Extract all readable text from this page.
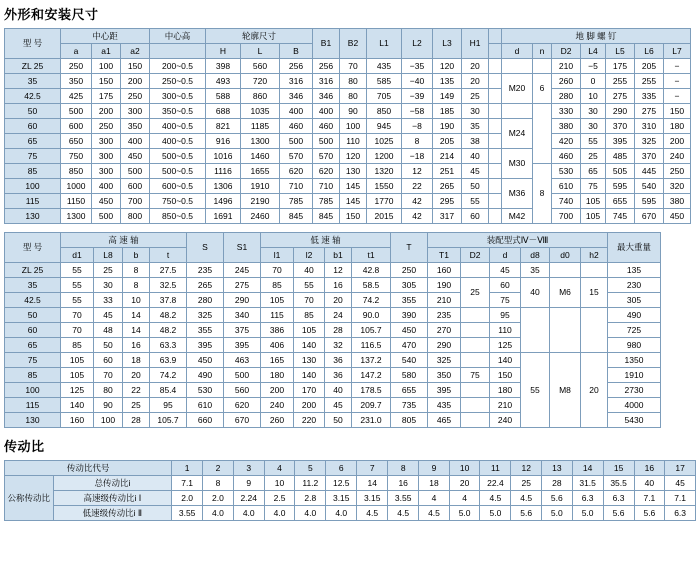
外形和安装尺寸
型 号	中心距			中心高	轮廓尺寸			B1	B2	L1	L2	L3	H1		地 脚 螺 钉						
	a	a1	a2		H	L	B								d	n	D2	L4	L5	L6	L7
ZL 25	250	100	150	200~0.5	398	560	256	256	70	435	−35	120	20				210	−5	175	205	−
35	350	150	200	250~0.5	493	720	316	316	80	585	−40	135	20		M20	6	260	0	255	255	−
42.5	425	175	250	300~0.5	588	860	346	346	80	705	−39	149	25				280	10	275	335	−
50	500	200	300	350~0.5	688	1035	400	400	90	850	−58	185	30				330	30	290	275	150
60	600	250	350	400~0.5	821	1185	460	460	100	945	−8	190	35		M24		380	30	370	310	180
65	650	300	400	400~0.5	916	1300	500	500	110	1025	8	205	38				420	55	395	325	200
75	750	300	450	500~0.5	1016	1460	570	570	120	1200	−18	214	40		M30		460	25	485	370	240
85	850	300	500	500~0.5	1116	1655	620	620	130	1320	12	251	45			8	530	65	505	445	250
100	1000	400	600	600~0.5	1306	1910	710	710	145	1550	22	265	50		M36		610	75	595	540	320
115	1150	450	700	750~0.5	1496	2190	785	785	145	1770	42	295	55				740	105	655	595	380
130	1300	500	800	850~0.5	1691	2460	845	845	150	2015	42	317	60		M42		700	105	745	670	450
型 号	高 速 轴				S	S1	低 速 轴				T	装配型式Ⅳ－Ⅷ						最大重量
	d1	L8	b	t			l1	l2	b1	t1		T1	D2	d	d8	d0	h2	
ZL 25	55	25	8	27.5	235	245	70	40	12	42.8	250	160		45	35			135
35	55	30	8	32.5	265	275	85	55	16	58.5	305	190	25	60	40	M6	15	230
42.5	55	33	10	37.8	280	290	105	70	20	74.2	355	210		75				305
50	70	45	14	48.2	325	340	115	85	24	90.0	390	235		95				490
60	70	48	14	48.2	355	375	386	105	28	105.7	450	270		110				725
65	85	50	16	63.3	395	395	406	140	32	116.5	470	290		125				980
75	105	60	18	63.9	450	463	165	130	36	137.2	540	325		140	55	M8	20	1350
85	105	70	20	74.2	490	500	180	140	36	147.2	580	350	75	150				1910
100	125	80	22	85.4	530	560	200	170	40	178.5	655	395		180				2730
115	140	90	25	95	610	620	240	200	45	209.7	735	435		210				4000
130	160	100	28	105.7	660	670	260	220	50	231.0	805	465		240				5430
传动比
传动比代号		1	2	3	4	5	6	7	8	9	10	11	12	13	14	15	16	17
公称传动比	总传动比i	7.1	8	9	10	11.2	12.5	14	16	18	20	22.4	25	28	31.5	35.5	40	45
	高速级传动比i Ⅰ	2.0	2.0	2.24	2.5	2.8	3.15	3.15	3.55	4	4	4.5	4.5	5.6	6.3	6.3	7.1	7.1
	低速级传动比i Ⅱ	3.55	4.0	4.0	4.0	4.0	4.0	4.5	4.5	4.5	5.0	5.0	5.6	5.0	5.0	5.6	5.6	6.3
